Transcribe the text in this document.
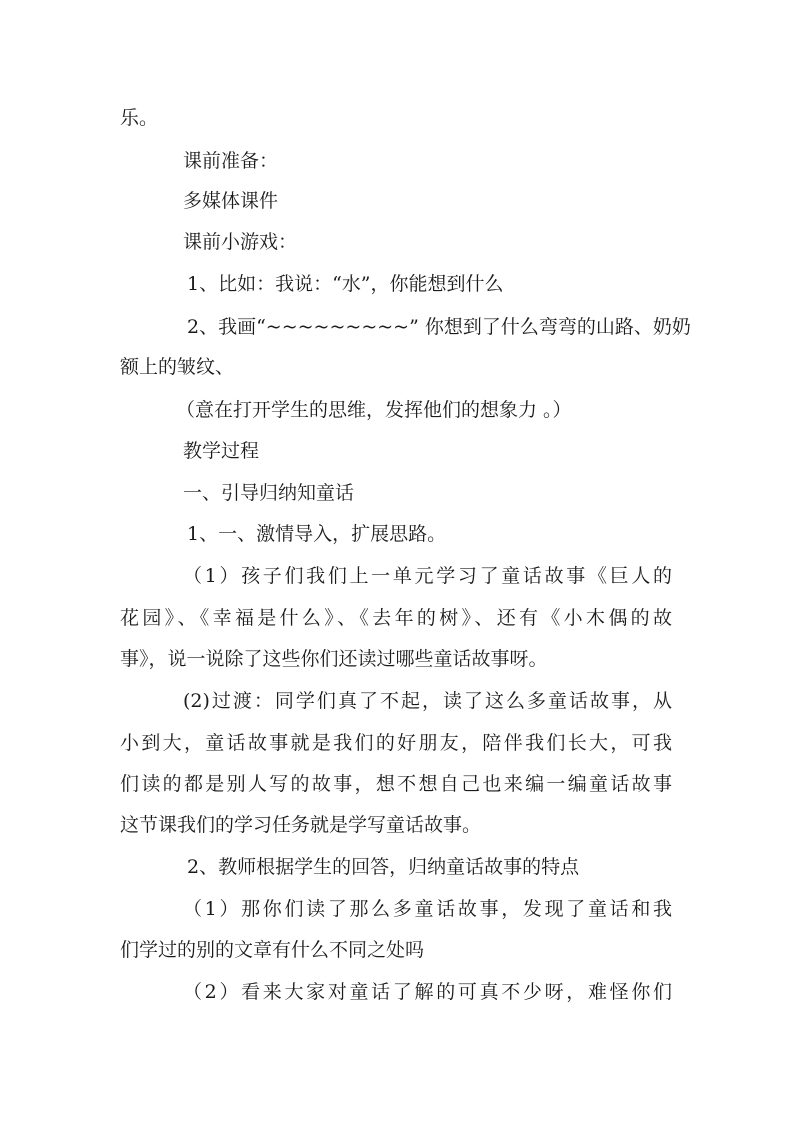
乐。
课前准备：
多媒体课件
课前小游戏：
1、比如：我说：“水”，你能想到什么
2、我画“~~~~~~~~~” 你想到了什么弯弯的山路、奶奶
额上的皱纹、
（意在打开学生的思维，发挥他们的想象力 。）
教学过程
一、引导归纳知童话
1、一、激情导入，扩展思路。
（1）孩子们我们上一单元学习了童话故事《巨人的
花园》、《幸福是什么》、《去年的树》、还有《小木偶的故
事》，说一说除了这些你们还读过哪些童话故事呀。
(2)过渡：同学们真了不起，读了这么多童话故事，从
小到大，童话故事就是我们的好朋友，陪伴我们长大，可我
们读的都是别人写的故事，想不想自己也来编一编童话故事
这节课我们的学习任务就是学写童话故事。
2、教师根据学生的回答，归纳童话故事的特点
（1）那你们读了那么多童话故事，发现了童话和我
们学过的别的文章有什么不同之处吗
（2）看来大家对童话了解的可真不少呀，难怪你们
